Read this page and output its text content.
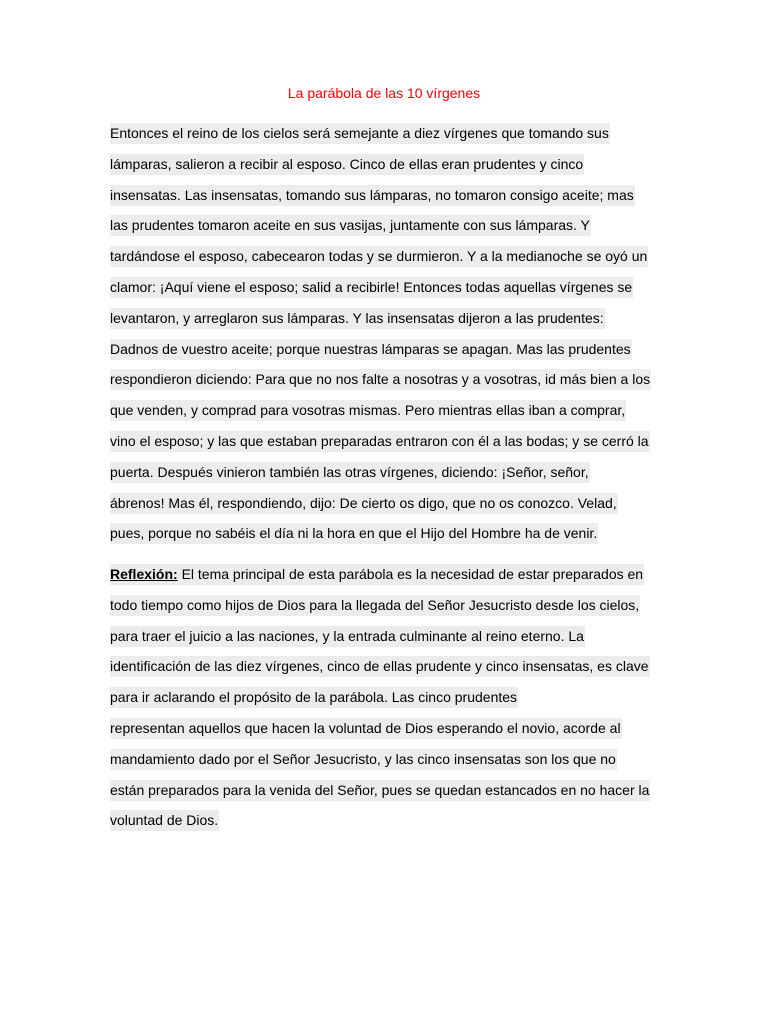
La parábola de las 10 vírgenes
Entonces el reino de los cielos será semejante a diez vírgenes que tomando sus
lámparas, salieron a recibir al esposo. Cinco de ellas eran prudentes y cinco
insensatas. Las insensatas, tomando sus lámparas, no tomaron consigo aceite; mas
las prudentes tomaron aceite en sus vasijas, juntamente con sus lámparas. Y
tardándose el esposo, cabecearon todas y se durmieron. Y a la medianoche se oyó un
clamor: ¡Aquí viene el esposo; salid a recibirle! Entonces todas aquellas vírgenes se
levantaron, y arreglaron sus lámparas. Y las insensatas dijeron a las prudentes:
Dadnos de vuestro aceite; porque nuestras lámparas se apagan. Mas las prudentes
respondieron diciendo: Para que no nos falte a nosotras y a vosotras, id más bien a los
que venden, y comprad para vosotras mismas. Pero mientras ellas iban a comprar,
vino el esposo; y las que estaban preparadas entraron con él a las bodas; y se cerró la
puerta. Después vinieron también las otras vírgenes, diciendo: ¡Señor, señor,
ábrenos! Mas él, respondiendo, dijo: De cierto os digo, que no os conozco. Velad,
pues, porque no sabéis el día ni la hora en que el Hijo del Hombre ha de venir.
Reflexión: El tema principal de esta parábola es la necesidad de estar preparados en
todo tiempo como hijos de Dios para la llegada del Señor Jesucristo desde los cielos,
para traer el juicio a las naciones, y la entrada culminante al reino eterno. La
identificación de las diez vírgenes, cinco de ellas prudente y cinco insensatas, es clave
para ir aclarando el propósito de la parábola. Las cinco prudentes
representan aquellos que hacen la voluntad de Dios esperando el novio, acorde al
mandamiento dado por el Señor Jesucristo, y las cinco insensatas son los que no
están preparados para la venida del Señor, pues se quedan estancados en no hacer la
voluntad de Dios.
